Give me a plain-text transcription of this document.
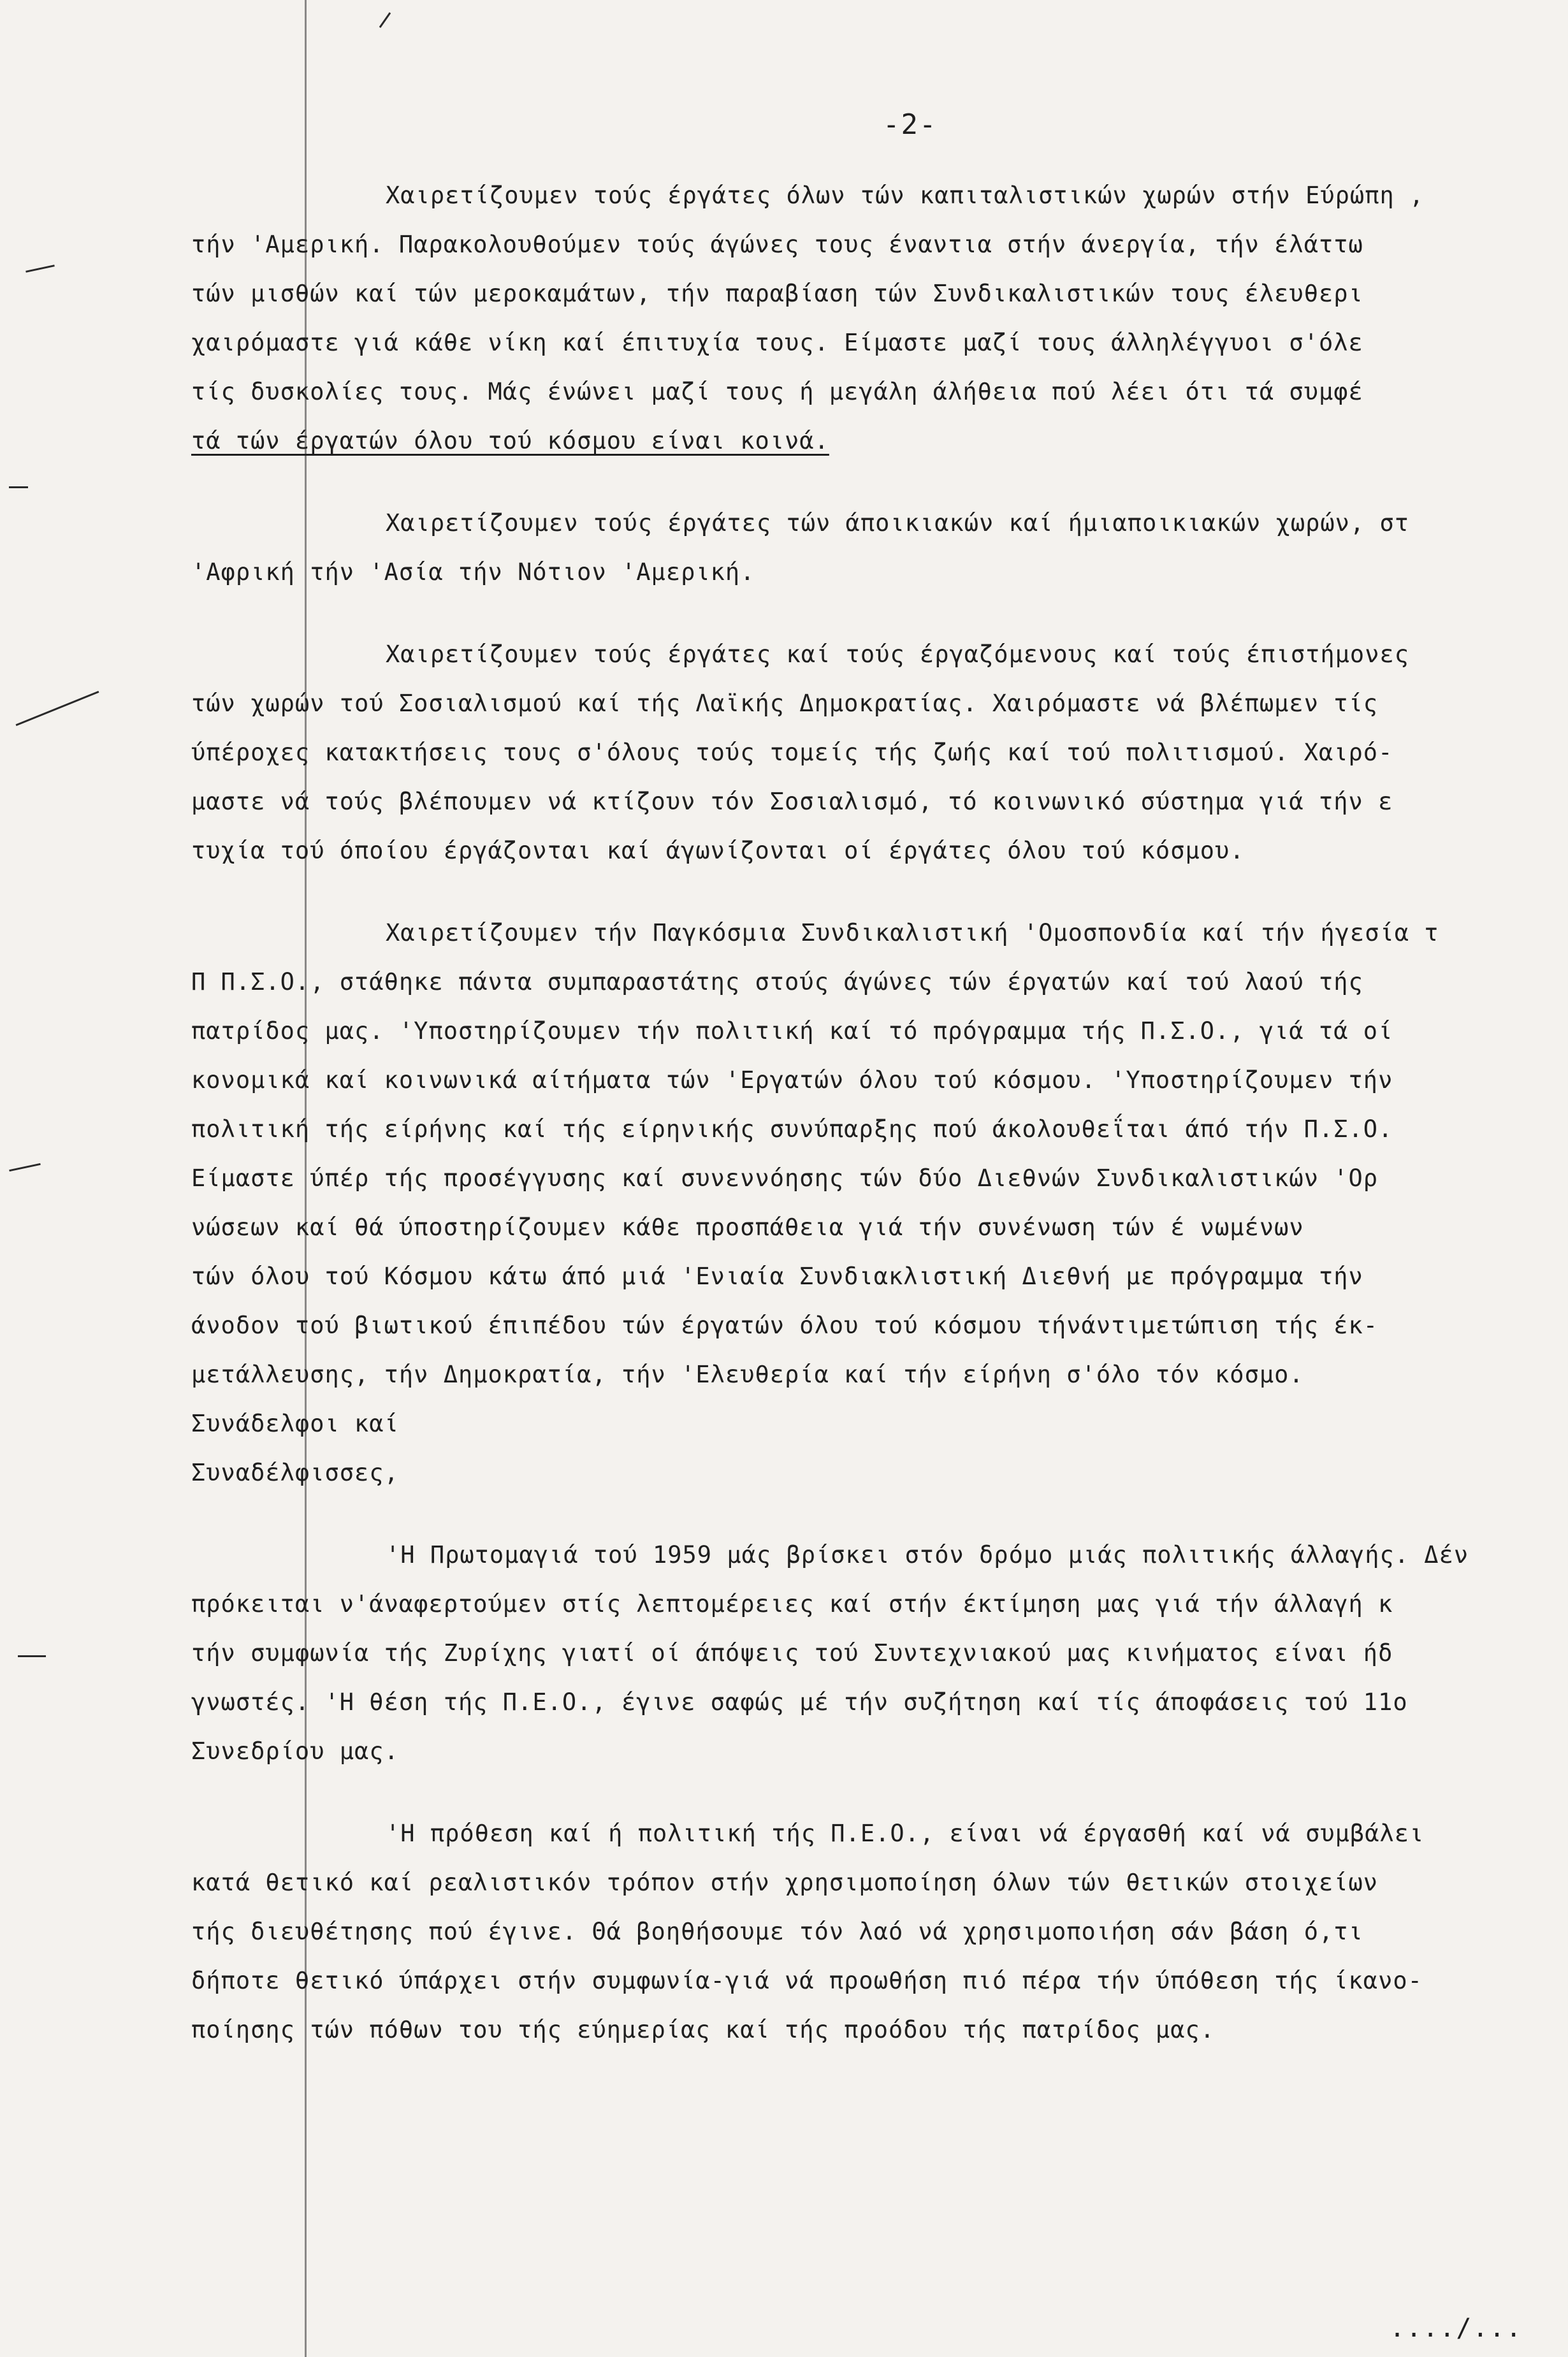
-2-
Χαιρετίζουμεν τούς έργάτες όλων τών καπιταλιστικών χωρών στήν Εύρώπη ,
τήν 'Αμερική. Παρακολουθούμεν τούς άγώνες τους έναντια στήν άνεργία, τήν έλάττω
τών μισθών καί τών μεροκαμάτων, τήν παραβίαση τών Συνδικαλιστικών τους έλευθερι
χαιρόμαστε γιά κάθε νίκη καί έπιτυχία τους. Είμαστε μαζί τους άλληλέγγυοι σ'όλε
τίς δυσκολίες τους. Μάς ένώνει μαζί τους ή μεγάλη άλήθεια πού λέει ότι τά συμφέ
τά τών έργατών όλου τού κόσμου είναι κοινά.
Χαιρετίζουμεν τούς έργάτες τών άποικιακών καί ήμιαποικιακών χωρών, στ
'Αφρική τήν 'Ασία τήν Νότιον 'Αμερική.
Χαιρετίζουμεν τούς έργάτες καί τούς έργαζόμενους καί τούς έπιστήμονες
τών χωρών τού Σοσιαλισμού καί τής Λαϊκής Δημοκρατίας. Χαιρόμαστε νά βλέπωμεν τίς
ύπέροχες κατακτήσεις τους σ'όλους τούς τομείς τής ζωής καί τού πολιτισμού. Χαιρό-
μαστε νά τούς βλέπουμεν νά κτίζουν τόν Σοσιαλισμό, τό κοινωνικό σύστημα γιά τήν ε
τυχία τού όποίου έργάζονται καί άγωνίζονται οί έργάτες όλου τού κόσμου.
Χαιρετίζουμεν τήν Παγκόσμια Συνδικαλιστική 'Ομοσπονδία καί τήν ήγεσία τ
Π Π.Σ.Ο., στάθηκε πάντα συμπαραστάτης στούς άγώνες τών έργατών καί τού λαού τής
πατρίδος μας. 'Υποστηρίζουμεν τήν πολιτική καί τό πρόγραμμα τής Π.Σ.Ο., γιά τά οί
κονομικά καί κοινωνικά αίτήματα τών 'Εργατών όλου τού κόσμου. 'Υποστηρίζουμεν τήν
πολιτική τής είρήνης καί τής είρηνικής συνύπαρξης πού άκολουθεΐται άπό τήν Π.Σ.Ο.
Είμαστε ύπέρ τής προσέγγυσης καί συνεννόησης τών δύο Διεθνών Συνδικαλιστικών 'Ορ
νώσεων καί θά ύποστηρίζουμεν κάθε προσπάθεια γιά τήν συνένωση τών έ νωμένων
τών όλου τού Κόσμου κάτω άπό μιά 'Ενιαία Συνδιακλιστική Διεθνή με πρόγραμμα τήν
άνοδον τού βιωτικού έπιπέδου τών έργατών όλου τού κόσμου τήνάντιμετώπιση τής έκ-
μετάλλευσης, τήν Δημοκρατία, τήν 'Ελευθερία καί τήν είρήνη σ'όλο τόν κόσμο.
Συνάδελφοι καί
Συναδέλφισσες,
'Η Πρωτομαγιά τού 1959 μάς βρίσκει στόν δρόμο μιάς πολιτικής άλλαγής. Δέν
πρόκειται ν'άναφερτούμεν στίς λεπτομέρειες καί στήν έκτίμηση μας γιά τήν άλλαγή κ
τήν συμφωνία τής Ζυρίχης γιατί οί άπόψεις τού Συντεχνιακού μας κινήματος είναι ήδ
γνωστές. 'Η θέση τής Π.Ε.Ο., έγινε σαφώς μέ τήν συζήτηση καί τίς άποφάσεις τού 11ο
Συνεδρίου μας.
'Η πρόθεση καί ή πολιτική τής Π.Ε.Ο., είναι νά έργασθή καί νά συμβάλει
κατά θετικό καί ρεαλιστικόν τρόπον στήν χρησιμοποίηση όλων τών θετικών στοιχείων
τής διευθέτησης πού έγινε. Θά βοηθήσουμε τόν λαό νά χρησιμοποιήση σάν βάση ό,τι
δήποτε θετικό ύπάρχει στήν συμφωνία-γιά νά προωθήση πιό πέρα τήν ύπόθεση τής ίκανο-
ποίησης τών πόθων του τής εύημερίας καί τής προόδου τής πατρίδος μας.
..../...
